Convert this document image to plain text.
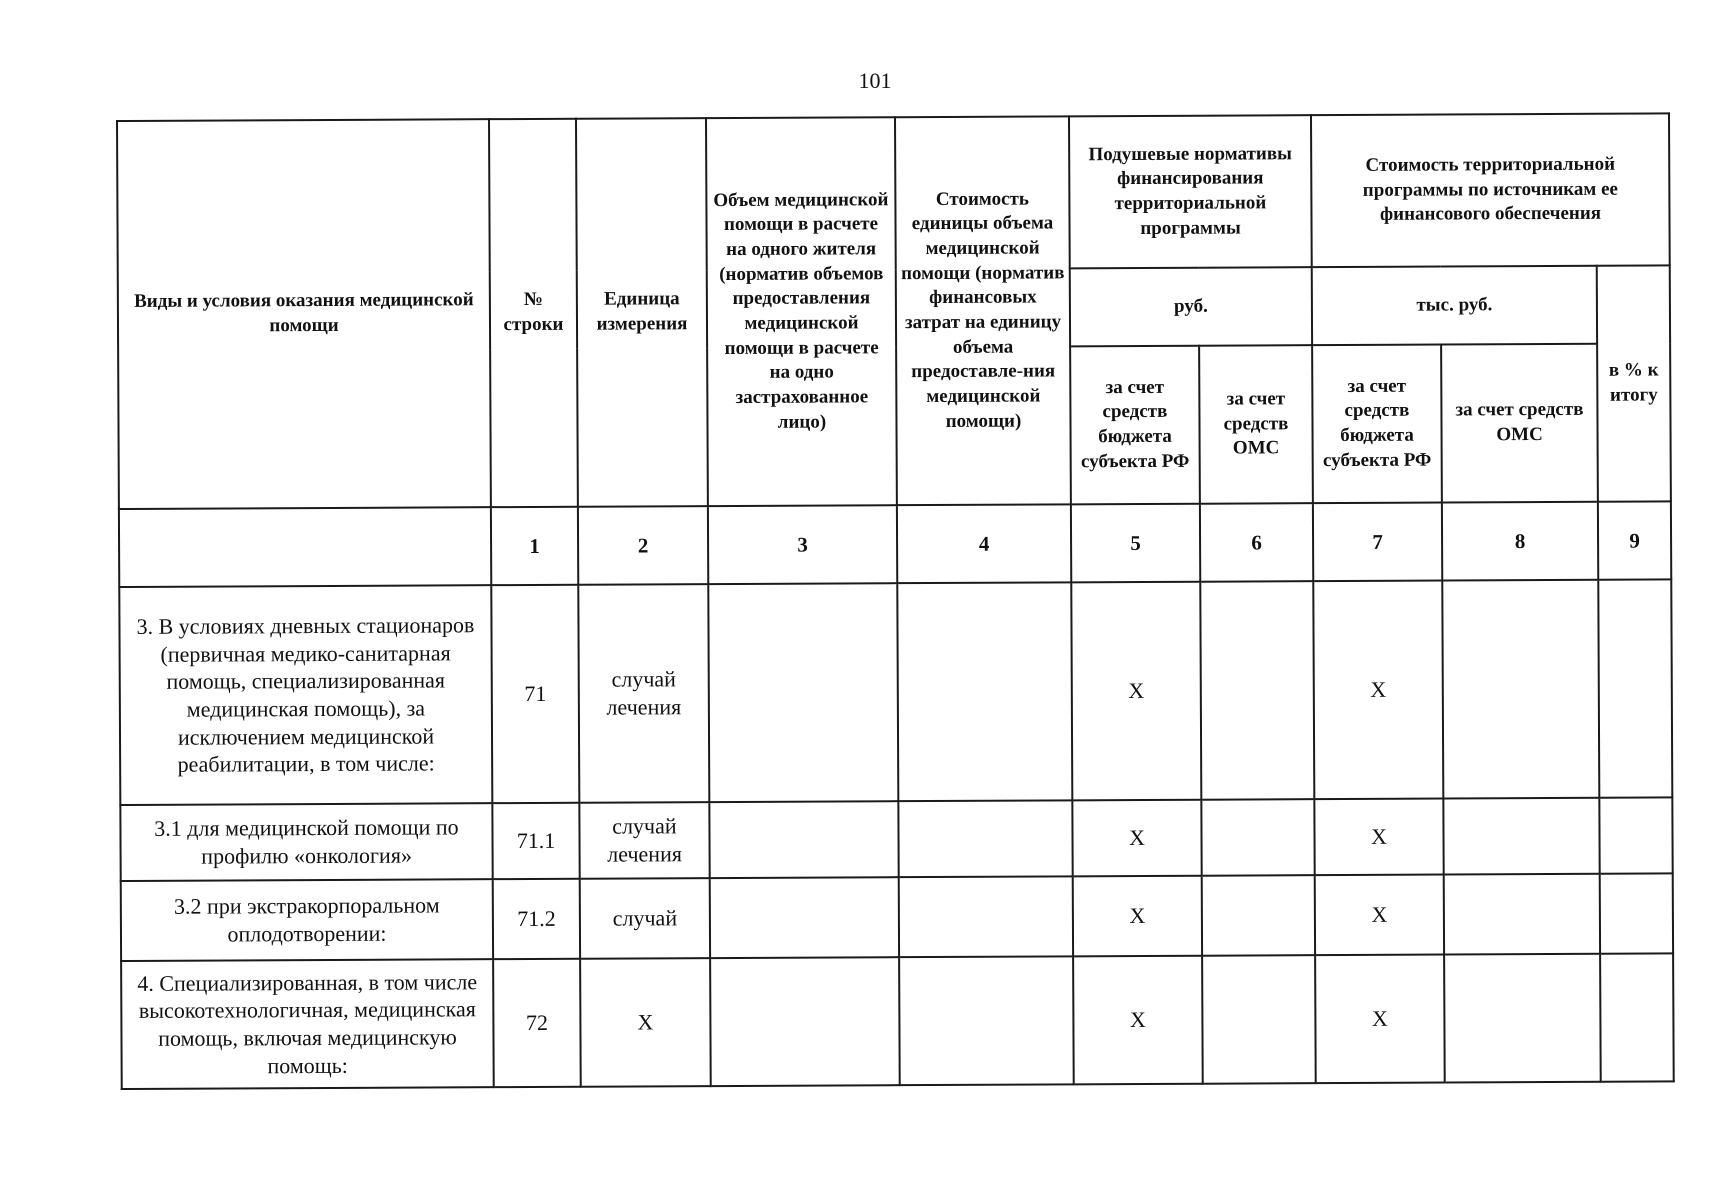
101
Виды и условия оказания медицинской помощи	№ строки	Единица измерения	Объем медицинской помощи в расчете на одного жителя (норматив объемов предоставления медицинской помощи в расчете на одно застрахованное лицо)	Стоимость единицы объема медицинской помощи (норматив финансовых затрат на единицу объема предоставле-ния медицинской помощи)	Подушевые нормативы финансирования территориальной программы		Стоимость территориальной программы по источникам ее финансового обеспечения		
					руб.		тыс. руб.		в % к итогу
					за счет средств бюджета субъекта РФ	за счет средств ОМС	за счет средств бюджета субъекта РФ	за счет средств ОМС	
	1	2	3	4	5	6	7	8	9
3. В условиях дневных стационаров (первичная медико-санитарная помощь, специализированная медицинская помощь), за исключением медицинской реабилитации, в том числе:	71	случай лечения			X		X		
3.1 для медицинской помощи по профилю «онкология»	71.1	случай лечения			X		X		
3.2 при экстракорпоральном оплодотворении:	71.2	случай			X		X		
4. Специализированная, в том числе высокотехнологичная, медицинская помощь, включая медицинскую помощь:	72	X			X		X		
